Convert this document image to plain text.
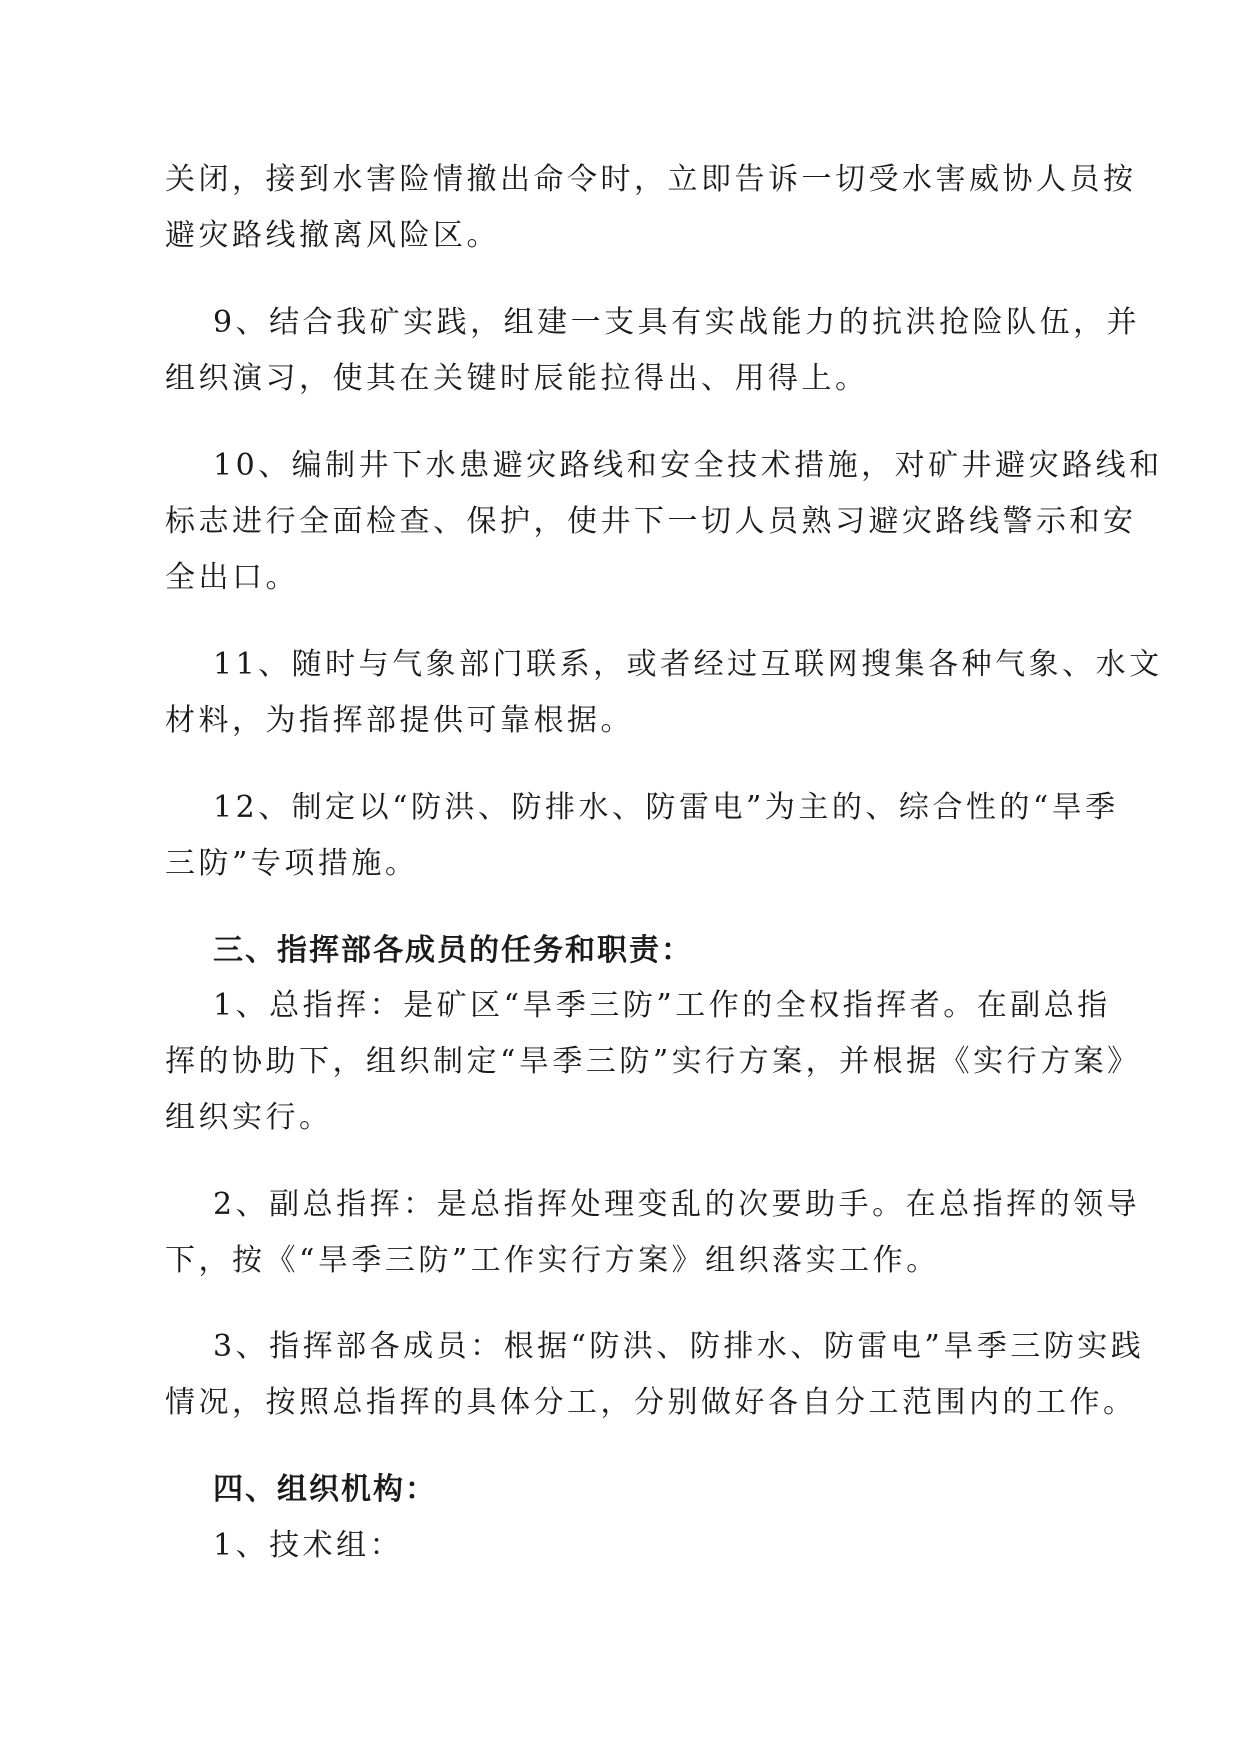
关闭，接到水害险情撤出命令时，立即告诉一切受水害威协人员按
避灾路线撤离风险区。
9、结合我矿实践，组建一支具有实战能力的抗洪抢险队伍，并
组织演习，使其在关键时辰能拉得出、用得上。
10、编制井下水患避灾路线和安全技术措施，对矿井避灾路线和
标志进行全面检查、保护，使井下一切人员熟习避灾路线警示和安
全出口。
11、随时与气象部门联系，或者经过互联网搜集各种气象、水文
材料，为指挥部提供可靠根据。
12、制定以“防洪、防排水、防雷电”为主的、综合性的“旱季
三防”专项措施。
三、指挥部各成员的任务和职责：
1、总指挥：是矿区“旱季三防”工作的全权指挥者。在副总指
挥的协助下，组织制定“旱季三防”实行方案，并根据《实行方案》
组织实行。
2、副总指挥：是总指挥处理变乱的次要助手。在总指挥的领导
下，按《“旱季三防”工作实行方案》组织落实工作。
3、指挥部各成员：根据“防洪、防排水、防雷电”旱季三防实践
情况，按照总指挥的具体分工，分别做好各自分工范围内的工作。
四、组织机构：
1、技术组：
